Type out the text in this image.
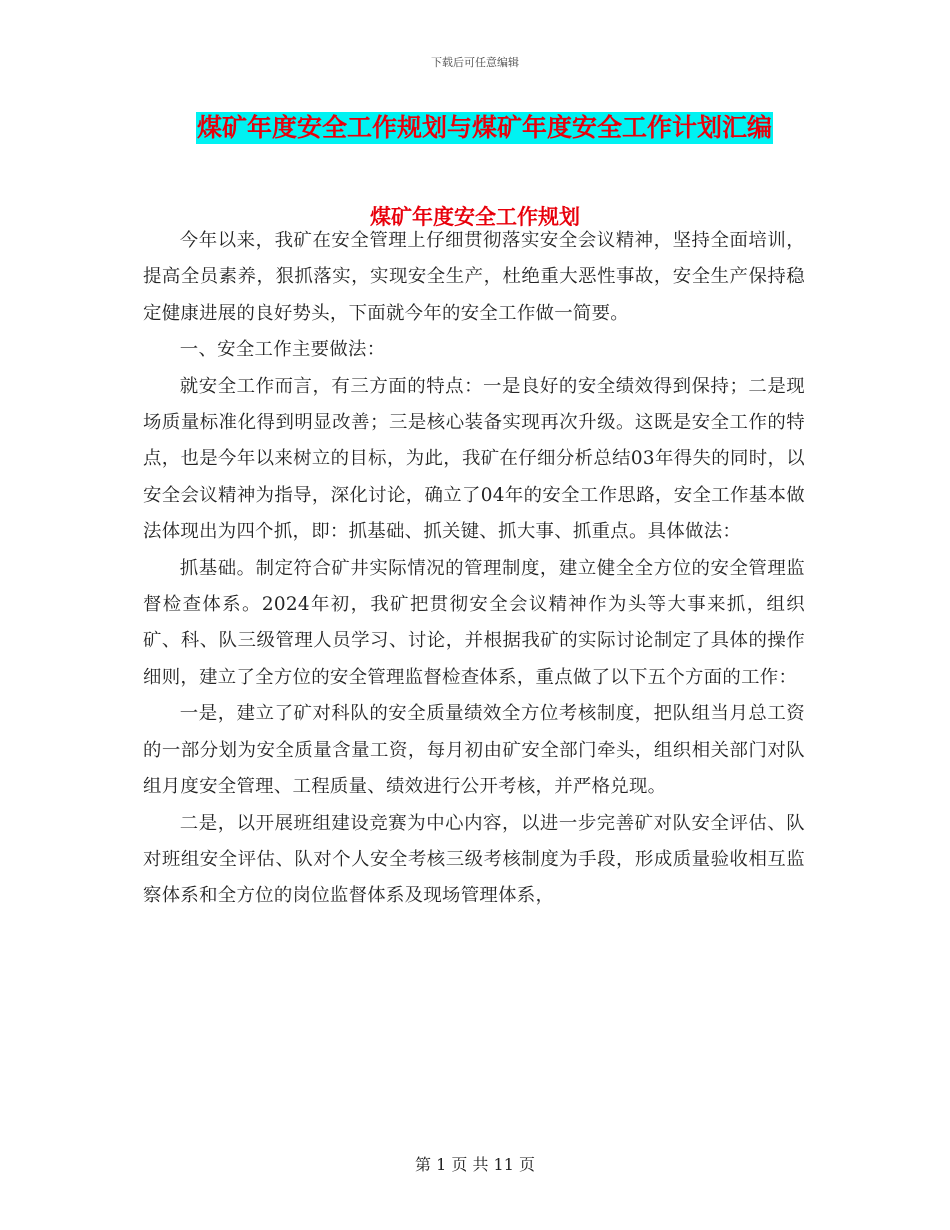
下载后可任意编辑
煤矿年度安全工作规划与煤矿年度安全工作计划汇编
煤矿年度安全工作规划

今年以来，我矿在安全管理上仔细贯彻落实安全会议精神，坚持全面培训，提高全员素养，狠抓落实，实现安全生产，杜绝重大恶性事故，安全生产保持稳定健康进展的良好势头，下面就今年的安全工作做一简要。

一、安全工作主要做法：

就安全工作而言，有三方面的特点：一是良好的安全绩效得到保持；二是现场质量标准化得到明显改善；三是核心装备实现再次升级。这既是安全工作的特点，也是今年以来树立的目标，为此，我矿在仔细分析总结03年得失的同时，以安全会议精神为指导，深化讨论，确立了04年的安全工作思路，安全工作基本做法体现出为四个抓，即：抓基础、抓关键、抓大事、抓重点。具体做法：

抓基础。制定符合矿井实际情况的管理制度，建立健全全方位的安全管理监督检查体系。2024年初，我矿把贯彻安全会议精神作为头等大事来抓，组织矿、科、队三级管理人员学习、讨论，并根据我矿的实际讨论制定了具体的操作细则，建立了全方位的安全管理监督检查体系，重点做了以下五个方面的工作：

一是，建立了矿对科队的安全质量绩效全方位考核制度，把队组当月总工资的一部分划为安全质量含量工资，每月初由矿安全部门牵头，组织相关部门对队组月度安全管理、工程质量、绩效进行公开考核，并严格兑现。

二是，以开展班组建设竞赛为中心内容，以进一步完善矿对队安全评估、队对班组安全评估、队对个人安全考核三级考核制度为手段，形成质量验收相互监察体系和全方位的岗位监督体系及现场管理体系，

第 1 页 共 11 页
